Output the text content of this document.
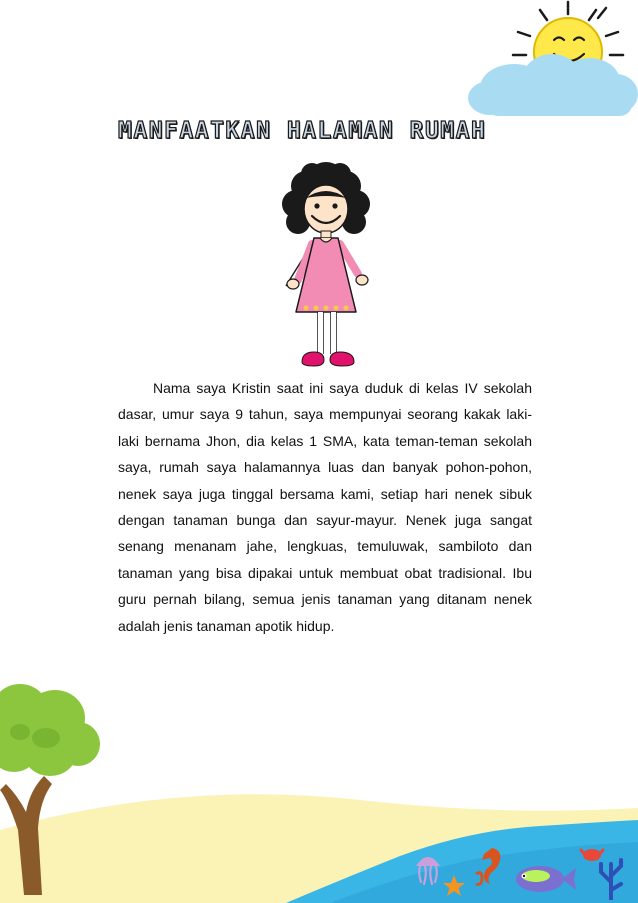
MANFAATKAN HALAMAN RUMAH

Nama saya Kristin saat ini saya duduk di kelas IV sekolah dasar, umur saya 9 tahun, saya mempunyai seorang kakak laki-laki bernama Jhon, dia kelas 1 SMA, kata teman-teman sekolah saya, rumah saya halamannya luas dan banyak pohon-pohon, nenek saya juga tinggal bersama kami, setiap hari nenek sibuk dengan tanaman bunga dan sayur-mayur. Nenek juga sangat senang menanam jahe, lengkuas, temuluwak, sambiloto dan tanaman yang bisa dipakai untuk membuat obat tradisional. Ibu guru pernah bilang, semua jenis tanaman yang ditanam nenek adalah jenis tanaman apotik hidup.
